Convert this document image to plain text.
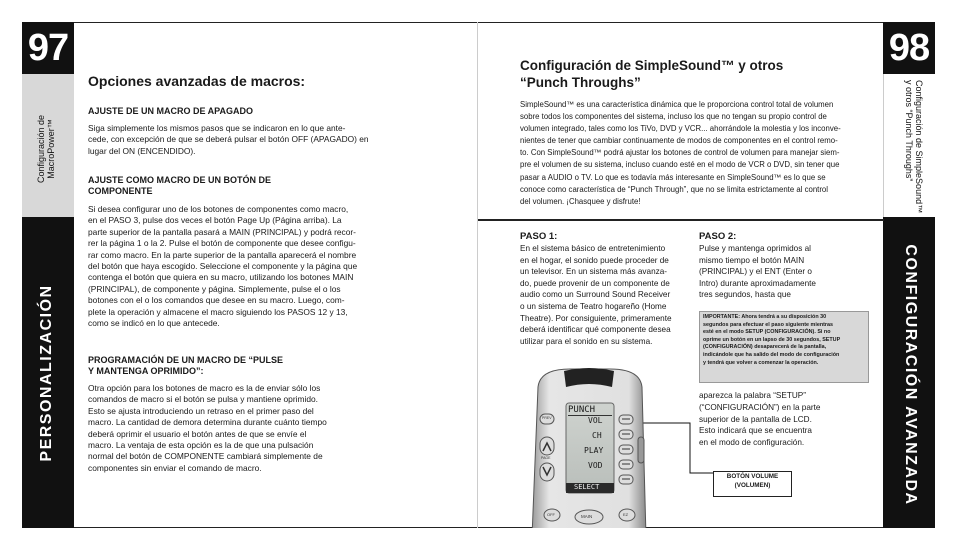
97
Configuración de MacroPower™
PERSONALIZACIÓN
Opciones avanzadas de macros:
AJUSTE DE UN MACRO DE APAGADO
Siga simplemente los mismos pasos que se indicaron en lo que ante-
cede, con excepción de que se deberá pulsar el botón OFF (APAGADO) en
lugar del ON (ENCENDIDO).
AJUSTE COMO MACRO DE UN BOTÓN DE
COMPONENTE
Si desea configurar uno de los botones de componentes como macro,
en el PASO 3, pulse dos veces el botón Page Up (Página arriba). La
parte superior de la pantalla pasará a MAIN (PRINCIPAL) y podrá recor-
rer la página 1 o la 2. Pulse el botón de componente que desee configu-
rar como macro. En la parte superior de la pantalla aparecerá el nombre
del botón que haya escogido. Seleccione el componente y la página que
contenga el botón que quiera en su macro, utilizando los botones MAIN
(PRINCIPAL), de componente y página. Simplemente, pulse el o los
botones con el o los comandos que desee en su macro. Luego, com-
plete la operación y almacene el macro siguiendo los PASOS 12 y 13,
como se indicó en lo que antecede.
PROGRAMACIÓN DE UN MACRO DE “PULSE
Y MANTENGA OPRIMIDO”:
Otra opción para los botones de macro es la de enviar sólo los
comandos de macro si el botón se pulsa y mantiene oprimido.
Esto se ajusta introduciendo un retraso en el primer paso del
macro. La cantidad de demora determina durante cuánto tiempo
deberá oprimir el usuario el botón antes de que se envíe el
macro. La ventaja de esta opción es la de que una pulsación
normal del botón de COMPONENTE cambiará simplemente de
componentes sin enviar el comando de macro.
98
Configuración de SimpleSound™
y otros “Punch Throughs”
CONFIGURACIÓN AVANZADA
Configuración de SimpleSound™ y otros
“Punch Throughs”
SimpleSound™ es una característica dinámica que le proporciona control total de volumen
sobre todos los componentes del sistema, incluso los que no tengan su propio control de
volumen integrado, tales como los TiVo, DVD y VCR... ahorrándole la molestia y los inconve-
nientes de tener que cambiar continuamente de modos de componentes en el control remo-
to. Con SimpleSound™ podrá ajustar los botones de control de volumen para manejar siem-
pre el volumen de su sistema, incluso cuando esté en el modo de VCR o DVD, sin tener que
pasar a AUDIO o TV. Lo que es todavía más interesante en SimpleSound™ es lo que se
conoce como característica de “Punch Through”, que no se limita estrictamente al control
del volumen. ¡Chasquee y disfrute!
PASO 1:
En el sistema básico de entretenimiento
en el hogar, el sonido puede proceder de
un televisor. En un sistema más avanza-
do, puede provenir de un componente de
audio como un Surround Sound Receiver
o un sistema de Teatro hogareño (Home
Theatre). Por consiguiente, primeramente
deberá identificar qué componente desea
utilizar para el sonido en su sistema.
PASO 2:
Pulse y mantenga oprimidos al
mismo tiempo el botón MAIN
(PRINCIPAL) y el ENT (Enter o
Intro) durante aproximadamente
tres segundos, hasta que
IMPORTANTE: Ahora tendrá a su disposición 30
segundos para efectuar el paso siguiente mientras
esté en el modo SETUP (CONFIGURACIÓN). Si no
oprime un botón en un lapso de 30 segundos, SETUP
(CONFIGURACIÓN) desaparecerá de la pantalla,
indicándole que ha salido del modo de configuración
y tendrá que volver a comenzar la operación.
aparezca la palabra “SETUP”
(“CONFIGURACIÓN”) en la parte
superior de la pantalla de LCD.
Esto indicará que se encuentra
en el modo de configuración.
BOTÓN VOLUME
(VOLUMEN)
PUNCH
VOL
CH
PLAY
VOD
SELECT
PREV
PAGE
OFF	MAIN	EZ
